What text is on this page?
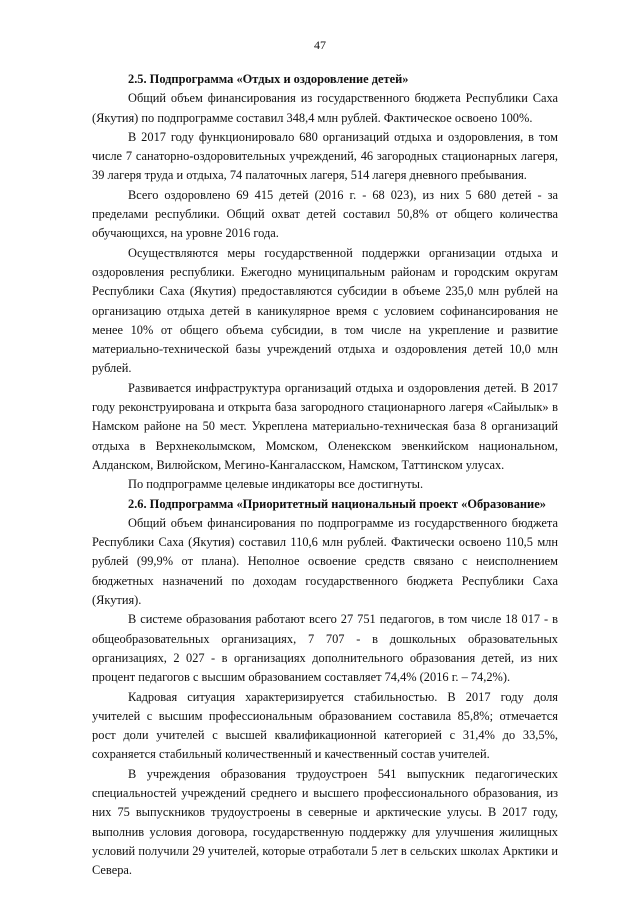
47
2.5. Подпрограмма «Отдых и оздоровление детей»

Общий объем финансирования из государственного бюджета Республики Саха (Якутия) по подпрограмме составил 348,4 млн рублей. Фактическое освоено 100%.

В 2017 году функционировало 680 организаций отдыха и оздоровления, в том числе 7 санаторно-оздоровительных учреждений, 46 загородных стационарных лагеря, 39 лагеря труда и отдыха, 74 палаточных лагеря, 514 лагеря дневного пребывания.

Всего оздоровлено 69 415 детей (2016 г. - 68 023), из них 5 680 детей - за пределами республики. Общий охват детей составил 50,8% от общего количества обучающихся, на уровне 2016 года.

Осуществляются меры государственной поддержки организации отдыха и оздоровления республики. Ежегодно муниципальным районам и городским округам Республики Саха (Якутия) предоставляются субсидии в объеме 235,0 млн рублей на организацию отдыха детей в каникулярное время с условием софинансирования не менее 10% от общего объема субсидии, в том числе на укрепление и развитие материально-технической базы учреждений отдыха и оздоровления детей 10,0 млн рублей.

Развивается инфраструктура организаций отдыха и оздоровления детей. В 2017 году реконструирована и открыта база загородного стационарного лагеря «Сайылык» в Намском районе на 50 мест. Укреплена материально-техническая база 8 организаций отдыха в Верхнеколымском, Момском, Оленекском эвенкийском национальном, Алданском, Вилюйском, Мегино-Кангаласском, Намском, Таттинском улусах.

По подпрограмме целевые индикаторы все достигнуты.

2.6. Подпрограмма «Приоритетный национальный проект «Образование»

Общий объем финансирования по подпрограмме из государственного бюджета Республики Саха (Якутия) составил 110,6 млн рублей. Фактически освоено 110,5 млн рублей (99,9% от плана). Неполное освоение средств связано с неисполнением бюджетных назначений по доходам государственного бюджета Республики Саха (Якутия).

В системе образования работают всего 27 751 педагогов, в том числе 18 017 - в общеобразовательных организациях, 7 707 - в дошкольных образовательных организациях, 2 027 - в организациях дополнительного образования детей, из них процент педагогов с высшим образованием составляет 74,4% (2016 г. – 74,2%).

Кадровая ситуация характеризируется стабильностью. В 2017 году доля учителей с высшим профессиональным образованием составила 85,8%; отмечается рост доли учителей с высшей квалификационной категорией с 31,4% до 33,5%, сохраняется стабильный количественный и качественный состав учителей.

В учреждения образования трудоустроен 541 выпускник педагогических специальностей учреждений среднего и высшего профессионального образования, из них 75 выпускников трудоустроены в северные и арктические улусы. В 2017 году, выполнив условия договора, государственную поддержку для улучшения жилищных условий получили 29 учителей, которые отработали 5 лет в сельских школах Арктики и Севера.
